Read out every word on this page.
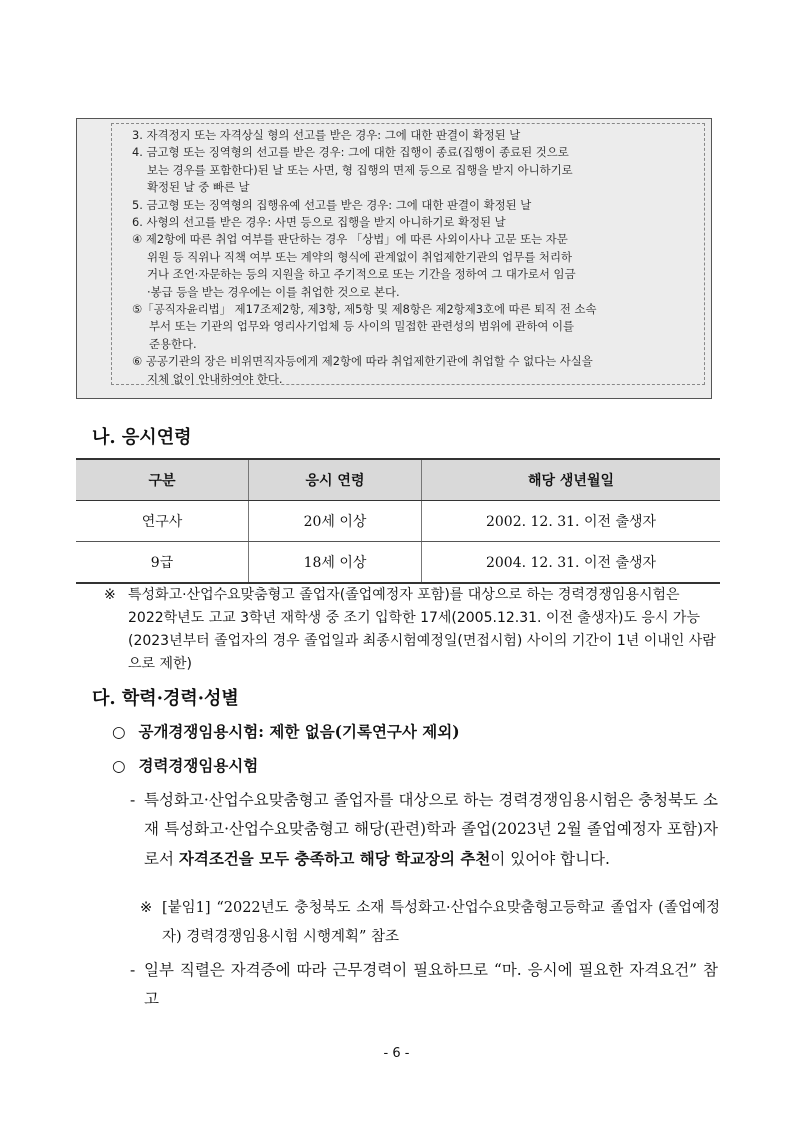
3. 자격정지 또는 자격상실 형의 선고를 받은 경우: 그에 대한 판결이 확정된 날
4. 금고형 또는 징역형의 선고를 받은 경우: 그에 대한 집행이 종료(집행이 종료된 것으로
보는 경우를 포함한다)된 날 또는 사면, 형 집행의 면제 등으로 집행을 받지 아니하기로
확정된 날 중 빠른 날
5. 금고형 또는 징역형의 집행유예 선고를 받은 경우: 그에 대한 판결이 확정된 날
6. 사형의 선고를 받은 경우: 사면 등으로 집행을 받지 아니하기로 확정된 날
④ 제2항에 따른 취업 여부를 판단하는 경우 「상법」에 따른 사외이사나 고문 또는 자문
위원 등 직위나 직책 여부 또는 계약의 형식에 관계없이 취업제한기관의 업무를 처리하
거나 조언·자문하는 등의 지원을 하고 주기적으로 또는 기간을 정하여 그 대가로서 임금
·봉급 등을 받는 경우에는 이를 취업한 것으로 본다.
⑤「공직자윤리법」 제17조제2항, 제3항, 제5항 및 제8항은 제2항제3호에 따른 퇴직 전 소속
부서 또는 기관의 업무와 영리사기업체 등 사이의 밀접한 관련성의 범위에 관하여 이를
준용한다.
⑥ 공공기관의 장은 비위면직자등에게 제2항에 따라 취업제한기관에 취업할 수 없다는 사실을
지체 없이 안내하여야 한다.
나. 응시연령
구분	응시 연령	해당 생년월일
연구사	20세 이상	2002. 12. 31. 이전 출생자
9급	18세 이상	2004. 12. 31. 이전 출생자
※ 특성화고·산업수요맞춤형고 졸업자(졸업예정자 포함)를 대상으로 하는 경력경쟁임용시험은 2022학년도 고교 3학년 재학생 중 조기 입학한 17세(2005.12.31. 이전 출생자)도 응시 가능(2023년부터 졸업자의 경우 졸업일과 최종시험예정일(면접시험) 사이의 기간이 1년 이내인 사람으로 제한)
다. 학력·경력·성별
○ 공개경쟁임용시험: 제한 없음(기록연구사 제외)
○ 경력경쟁임용시험
- 특성화고·산업수요맞춤형고 졸업자를 대상으로 하는 경력경쟁임용시험은 충청북도 소재 특성화고·산업수요맞춤형고 해당(관련)학과 졸업(2023년 2월 졸업예정자 포함)자로서 자격조건을 모두 충족하고 해당 학교장의 추천이 있어야 합니다.
※ [붙임1] “2022년도 충청북도 소재 특성화고·산업수요맞춤형고등학교 졸업자 (졸업예정자) 경력경쟁임용시험 시행계획” 참조
- 일부 직렬은 자격증에 따라 근무경력이 필요하므로 “마. 응시에 필요한 자격요건” 참고
- 6 -
